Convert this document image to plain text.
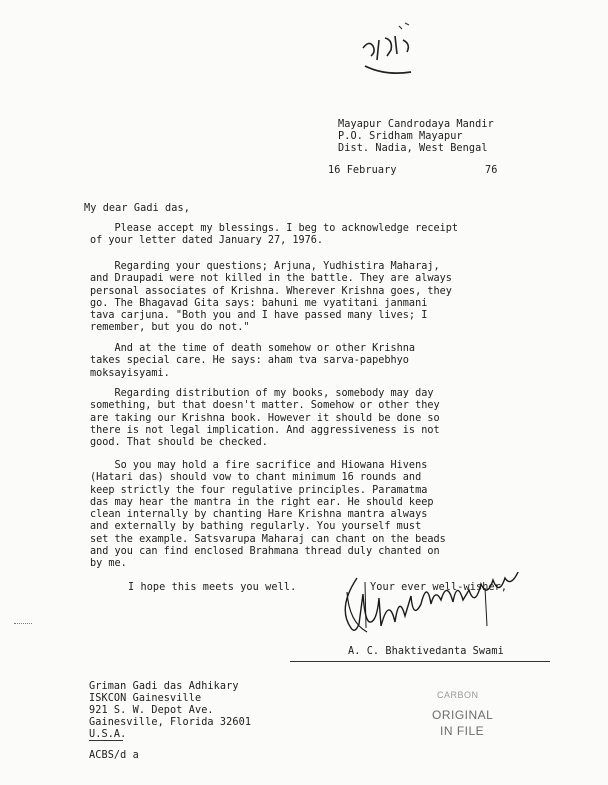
Mayapur Candrodaya Mandir
P.O. Sridham Mayapur
Dist. Nadia, West Bengal
16 February	76
My dear Gadi das,
Please accept my blessings. I beg to acknowledge receipt
of your letter dated January 27, 1976.
Regarding your questions; Arjuna, Yudhistira Maharaj,
and Draupadi were not killed in the battle. They are always
personal associates of Krishna. Wherever Krishna goes, they
go. The Bhagavad Gita says: bahuni me vyatitani janmani
tava carjuna. "Both you and I have passed many lives; I
remember, but you do not."
And at the time of death somehow or other Krishna
takes special care. He says: aham tva sarva-papebhyo
moksayisyami.
Regarding distribution of my books, somebody may day
something, but that doesn't matter. Somehow or other they
are taking our Krishna book. However it should be done so
there is not legal implication. And aggressiveness is not
good. That should be checked.
So you may hold a fire sacrifice and Hiowana Hivens
(Hatari das) should vow to chant minimum 16 rounds and
keep strictly the four regulative principles. Paramatma
das may hear the mantra in the right ear. He should keep
clean internally by chanting Hare Krishna mantra always
and externally by bathing regularly. You yourself must
set the example. Satsvarupa Maharaj can chant on the beads
and you can find enclosed Brahmana thread duly chanted on
by me.
I hope this meets you well.	Your ever well-wisher,
A. C. Bhaktivedanta Swami
Griman Gadi das Adhikary
ISKCON Gainesville
921 S. W. Depot Ave.
Gainesville, Florida 32601
U.S.A.
CARBON
ORIGINAL
IN FILE
ACBS/d a
